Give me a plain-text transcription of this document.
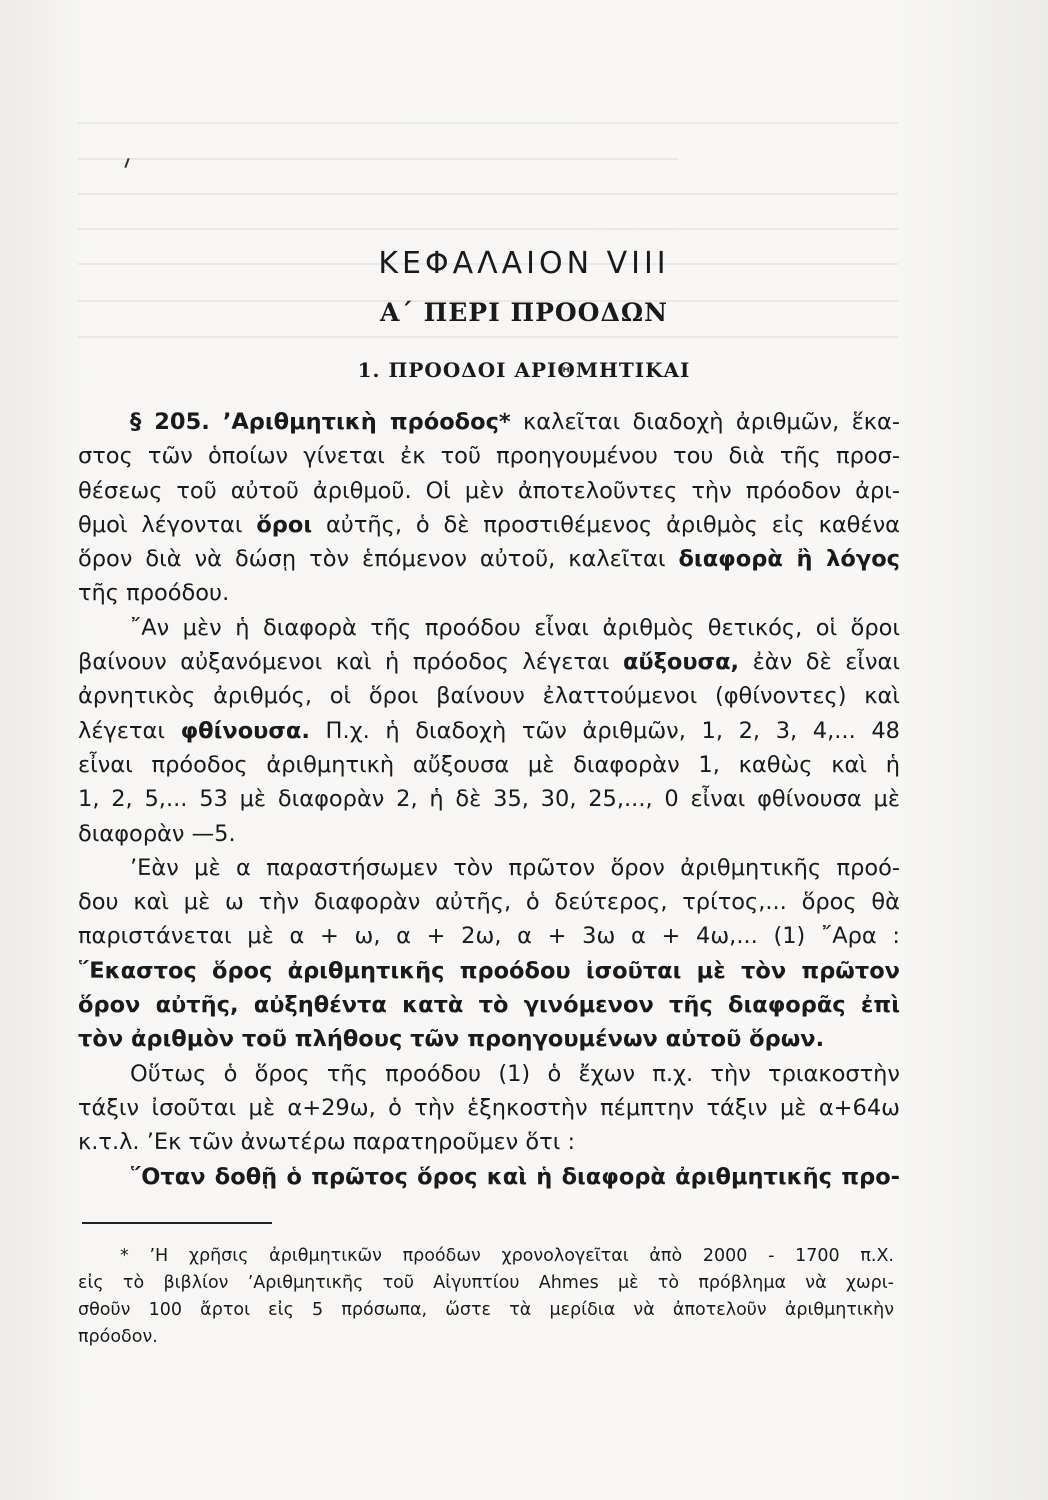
ΚΕΦΑΛΑΙΟΝ VIII
Α΄ ΠΕΡΙ ΠΡΟΟΔΩΝ
1. ΠΡΟΟΔΟΙ ΑΡΙΘΜΗΤΙΚΑΙ
§ 205. ’Αριθμητικὴ πρόοδος* καλεῖται διαδοχὴ ἀριθμῶν, ἕκα-
στος τῶν ὁποίων γίνεται ἐκ τοῦ προηγουμένου του διὰ τῆς προσ-
θέσεως τοῦ αὐτοῦ ἀριθμοῦ. Οἱ μὲν ἀποτελοῦντες τὴν πρόοδον ἀρι-
θμοὶ λέγονται ὅροι αὐτῆς, ὁ δὲ προστιθέμενος ἀριθμὸς εἰς καθένα
ὅρον διὰ νὰ δώσῃ τὸν ἑπόμενον αὐτοῦ, καλεῖται διαφορὰ ἢ λόγος
τῆς προόδου.
῎Αν μὲν ἡ διαφορὰ τῆς προόδου εἶναι ἀριθμὸς θετικός, οἱ ὅροι
βαίνουν αὐξανόμενοι καὶ ἡ πρόοδος λέγεται αὔξουσα, ἐὰν δὲ εἶναι
ἀρνητικὸς ἀριθμός, οἱ ὅροι βαίνουν ἐλαττούμενοι (φθίνοντες) καὶ
λέγεται φθίνουσα. Π.χ. ἡ διαδοχὴ τῶν ἀριθμῶν, 1, 2, 3, 4,... 48
εἶναι πρόοδος ἀριθμητικὴ αὔξουσα μὲ διαφορὰν 1, καθὼς καὶ ἡ
1, 2, 5,... 53 μὲ διαφορὰν 2, ἡ δὲ 35, 30, 25,..., 0 εἶναι φθίνουσα μὲ
διαφορὰν —5.
’Εὰν μὲ α παραστήσωμεν τὸν πρῶτον ὅρον ἀριθμητικῆς προό-
δου καὶ μὲ ω τὴν διαφορὰν αὐτῆς, ὁ δεύτερος, τρίτος,... ὅρος θὰ
παριστάνεται μὲ α + ω, α + 2ω, α + 3ω α + 4ω,... (1) ῎Αρα :
῞Εκαστος ὅρος ἀριθμητικῆς προόδου ἰσοῦται μὲ τὸν πρῶτον
ὅρον αὐτῆς, αὐξηθέντα κατὰ τὸ γινόμενον τῆς διαφορᾶς ἐπὶ
τὸν ἀριθμὸν τοῦ πλήθους τῶν προηγουμένων αὐτοῦ ὅρων.
Οὕτως ὁ ὅρος τῆς προόδου (1) ὁ ἔχων π.χ. τὴν τριακοστὴν
τάξιν ἰσοῦται μὲ α+29ω, ὁ τὴν ἑξηκοστὴν πέμπτην τάξιν μὲ α+64ω
κ.τ.λ. ’Εκ τῶν ἀνωτέρω παρατηροῦμεν ὅτι :
῞Οταν δοθῇ ὁ πρῶτος ὅρος καὶ ἡ διαφορὰ ἀριθμητικῆς προ-
* ’Η χρῆσις ἀριθμητικῶν προόδων χρονολογεῖται ἀπὸ 2000 - 1700 π.Χ.
εἰς τὸ βιβλίον ’Αριθμητικῆς τοῦ Αἰγυπτίου Ahmes μὲ τὸ πρόβλημα νὰ χωρι-
σθοῦν 100 ἄρτοι εἰς 5 πρόσωπα, ὥστε τὰ μερίδια νὰ ἀποτελοῦν ἀριθμητικὴν
πρόοδον.
